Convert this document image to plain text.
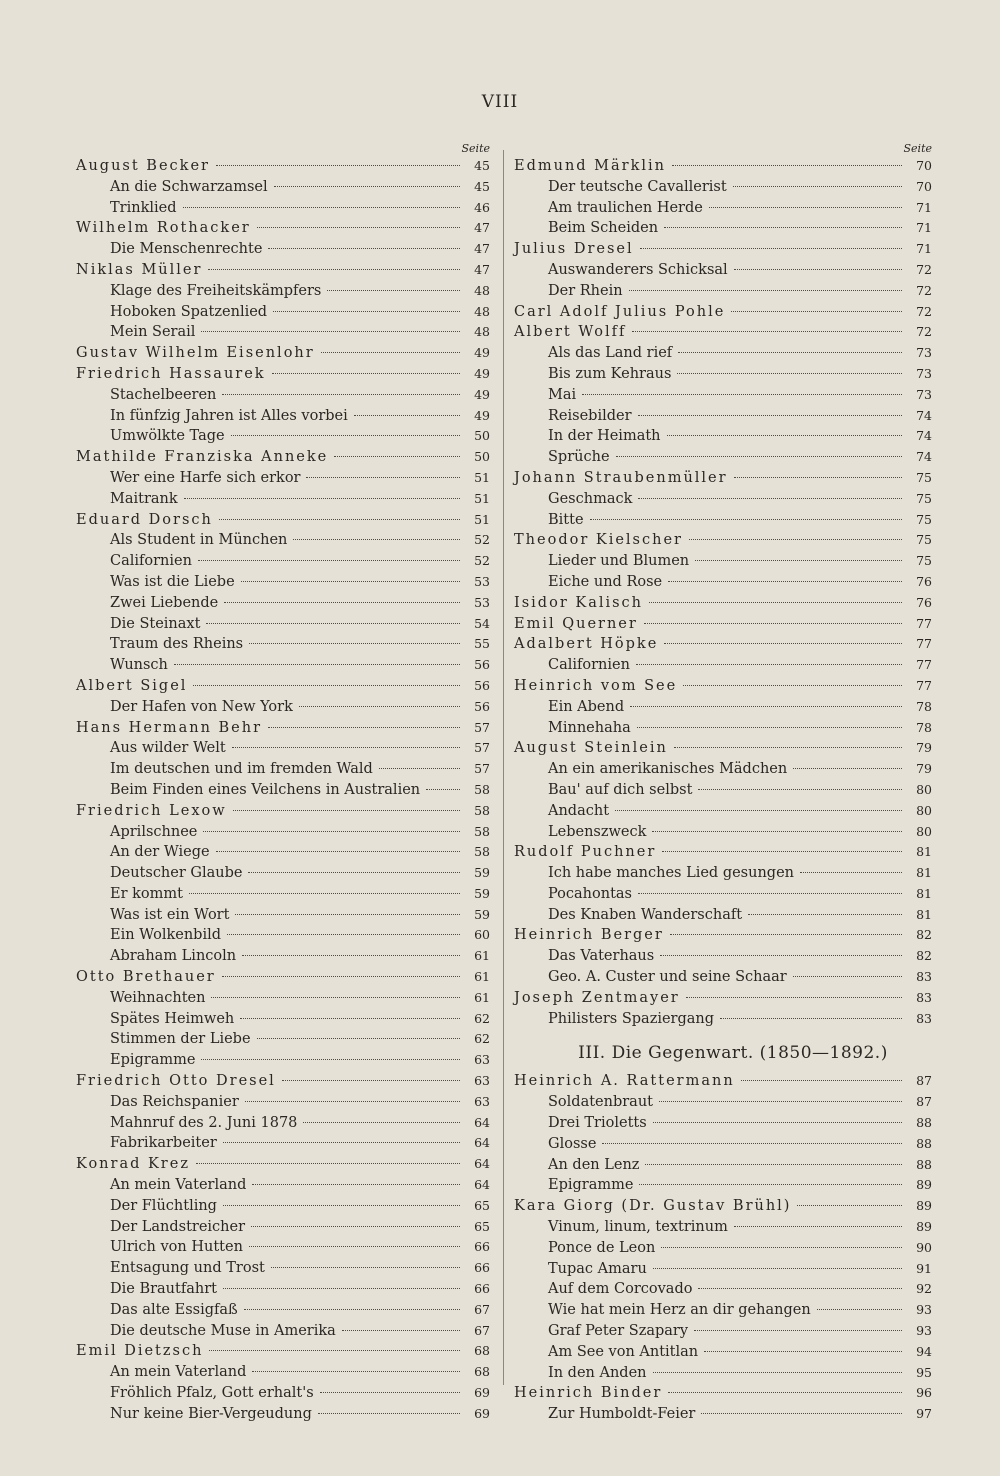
VIII
Seite
August Becker	45
An die Schwarzamsel	45
Trinklied	46
Wilhelm Rothacker	47
Die Menschenrechte	47
Niklas Müller	47
Klage des Freiheitskämpfers	48
Hoboken Spatzenlied	48
Mein Serail	48
Gustav Wilhelm Eisenlohr	49
Friedrich Hassaurek	49
Stachelbeeren	49
In fünfzig Jahren ist Alles vorbei	49
Umwölkte Tage	50
Mathilde Franziska Anneke	50
Wer eine Harfe sich erkor	51
Maitrank	51
Eduard Dorsch	51
Als Student in München	52
Californien	52
Was ist die Liebe	53
Zwei Liebende	53
Die Steinaxt	54
Traum des Rheins	55
Wunsch	56
Albert Sigel	56
Der Hafen von New York	56
Hans Hermann Behr	57
Aus wilder Welt	57
Im deutschen und im fremden Wald	57
Beim Finden eines Veilchens in Australien	58
Friedrich Lexow	58
Aprilschnee	58
An der Wiege	58
Deutscher Glaube	59
Er kommt	59
Was ist ein Wort	59
Ein Wolkenbild	60
Abraham Lincoln	61
Otto Brethauer	61
Weihnachten	61
Spätes Heimweh	62
Stimmen der Liebe	62
Epigramme	63
Friedrich Otto Dresel	63
Das Reichspanier	63
Mahnruf des 2. Juni 1878	64
Fabrikarbeiter	64
Konrad Krez	64
An mein Vaterland	64
Der Flüchtling	65
Der Landstreicher	65
Ulrich von Hutten	66
Entsagung und Trost	66
Die Brautfahrt	66
Das alte Essigfaß	67
Die deutsche Muse in Amerika	67
Emil Dietzsch	68
An mein Vaterland	68
Fröhlich Pfalz, Gott erhalt's	69
Nur keine Bier-Vergeudung	69
Seite
Edmund Märklin	70
Der teutsche Cavallerist	70
Am traulichen Herde	71
Beim Scheiden	71
Julius Dresel	71
Auswanderers Schicksal	72
Der Rhein	72
Carl Adolf Julius Pohle	72
Albert Wolff	72
Als das Land rief	73
Bis zum Kehraus	73
Mai	73
Reisebilder	74
In der Heimath	74
Sprüche	74
Johann Straubenmüller	75
Geschmack	75
Bitte	75
Theodor Kielscher	75
Lieder und Blumen	75
Eiche und Rose	76
Isidor Kalisch	76
Emil Querner	77
Adalbert Höpke	77
Californien	77
Heinrich vom See	77
Ein Abend	78
Minnehaha	78
August Steinlein	79
An ein amerikanisches Mädchen	79
Bau' auf dich selbst	80
Andacht	80
Lebenszweck	80
Rudolf Puchner	81
Ich habe manches Lied gesungen	81
Pocahontas	81
Des Knaben Wanderschaft	81
Heinrich Berger	82
Das Vaterhaus	82
Geo. A. Custer und seine Schaar	83
Joseph Zentmayer	83
Philisters Spaziergang	83
III. Die Gegenwart. (1850—1892.)
Heinrich A. Rattermann	87
Soldatenbraut	87
Drei Trioletts	88
Glosse	88
An den Lenz	88
Epigramme	89
Kara Giorg (Dr. Gustav Brühl)	89
Vinum, linum, textrinum	89
Ponce de Leon	90
Tupac Amaru	91
Auf dem Corcovado	92
Wie hat mein Herz an dir gehangen	93
Graf Peter Szapary	93
Am See von Antitlan	94
In den Anden	95
Heinrich Binder	96
Zur Humboldt-Feier	97
